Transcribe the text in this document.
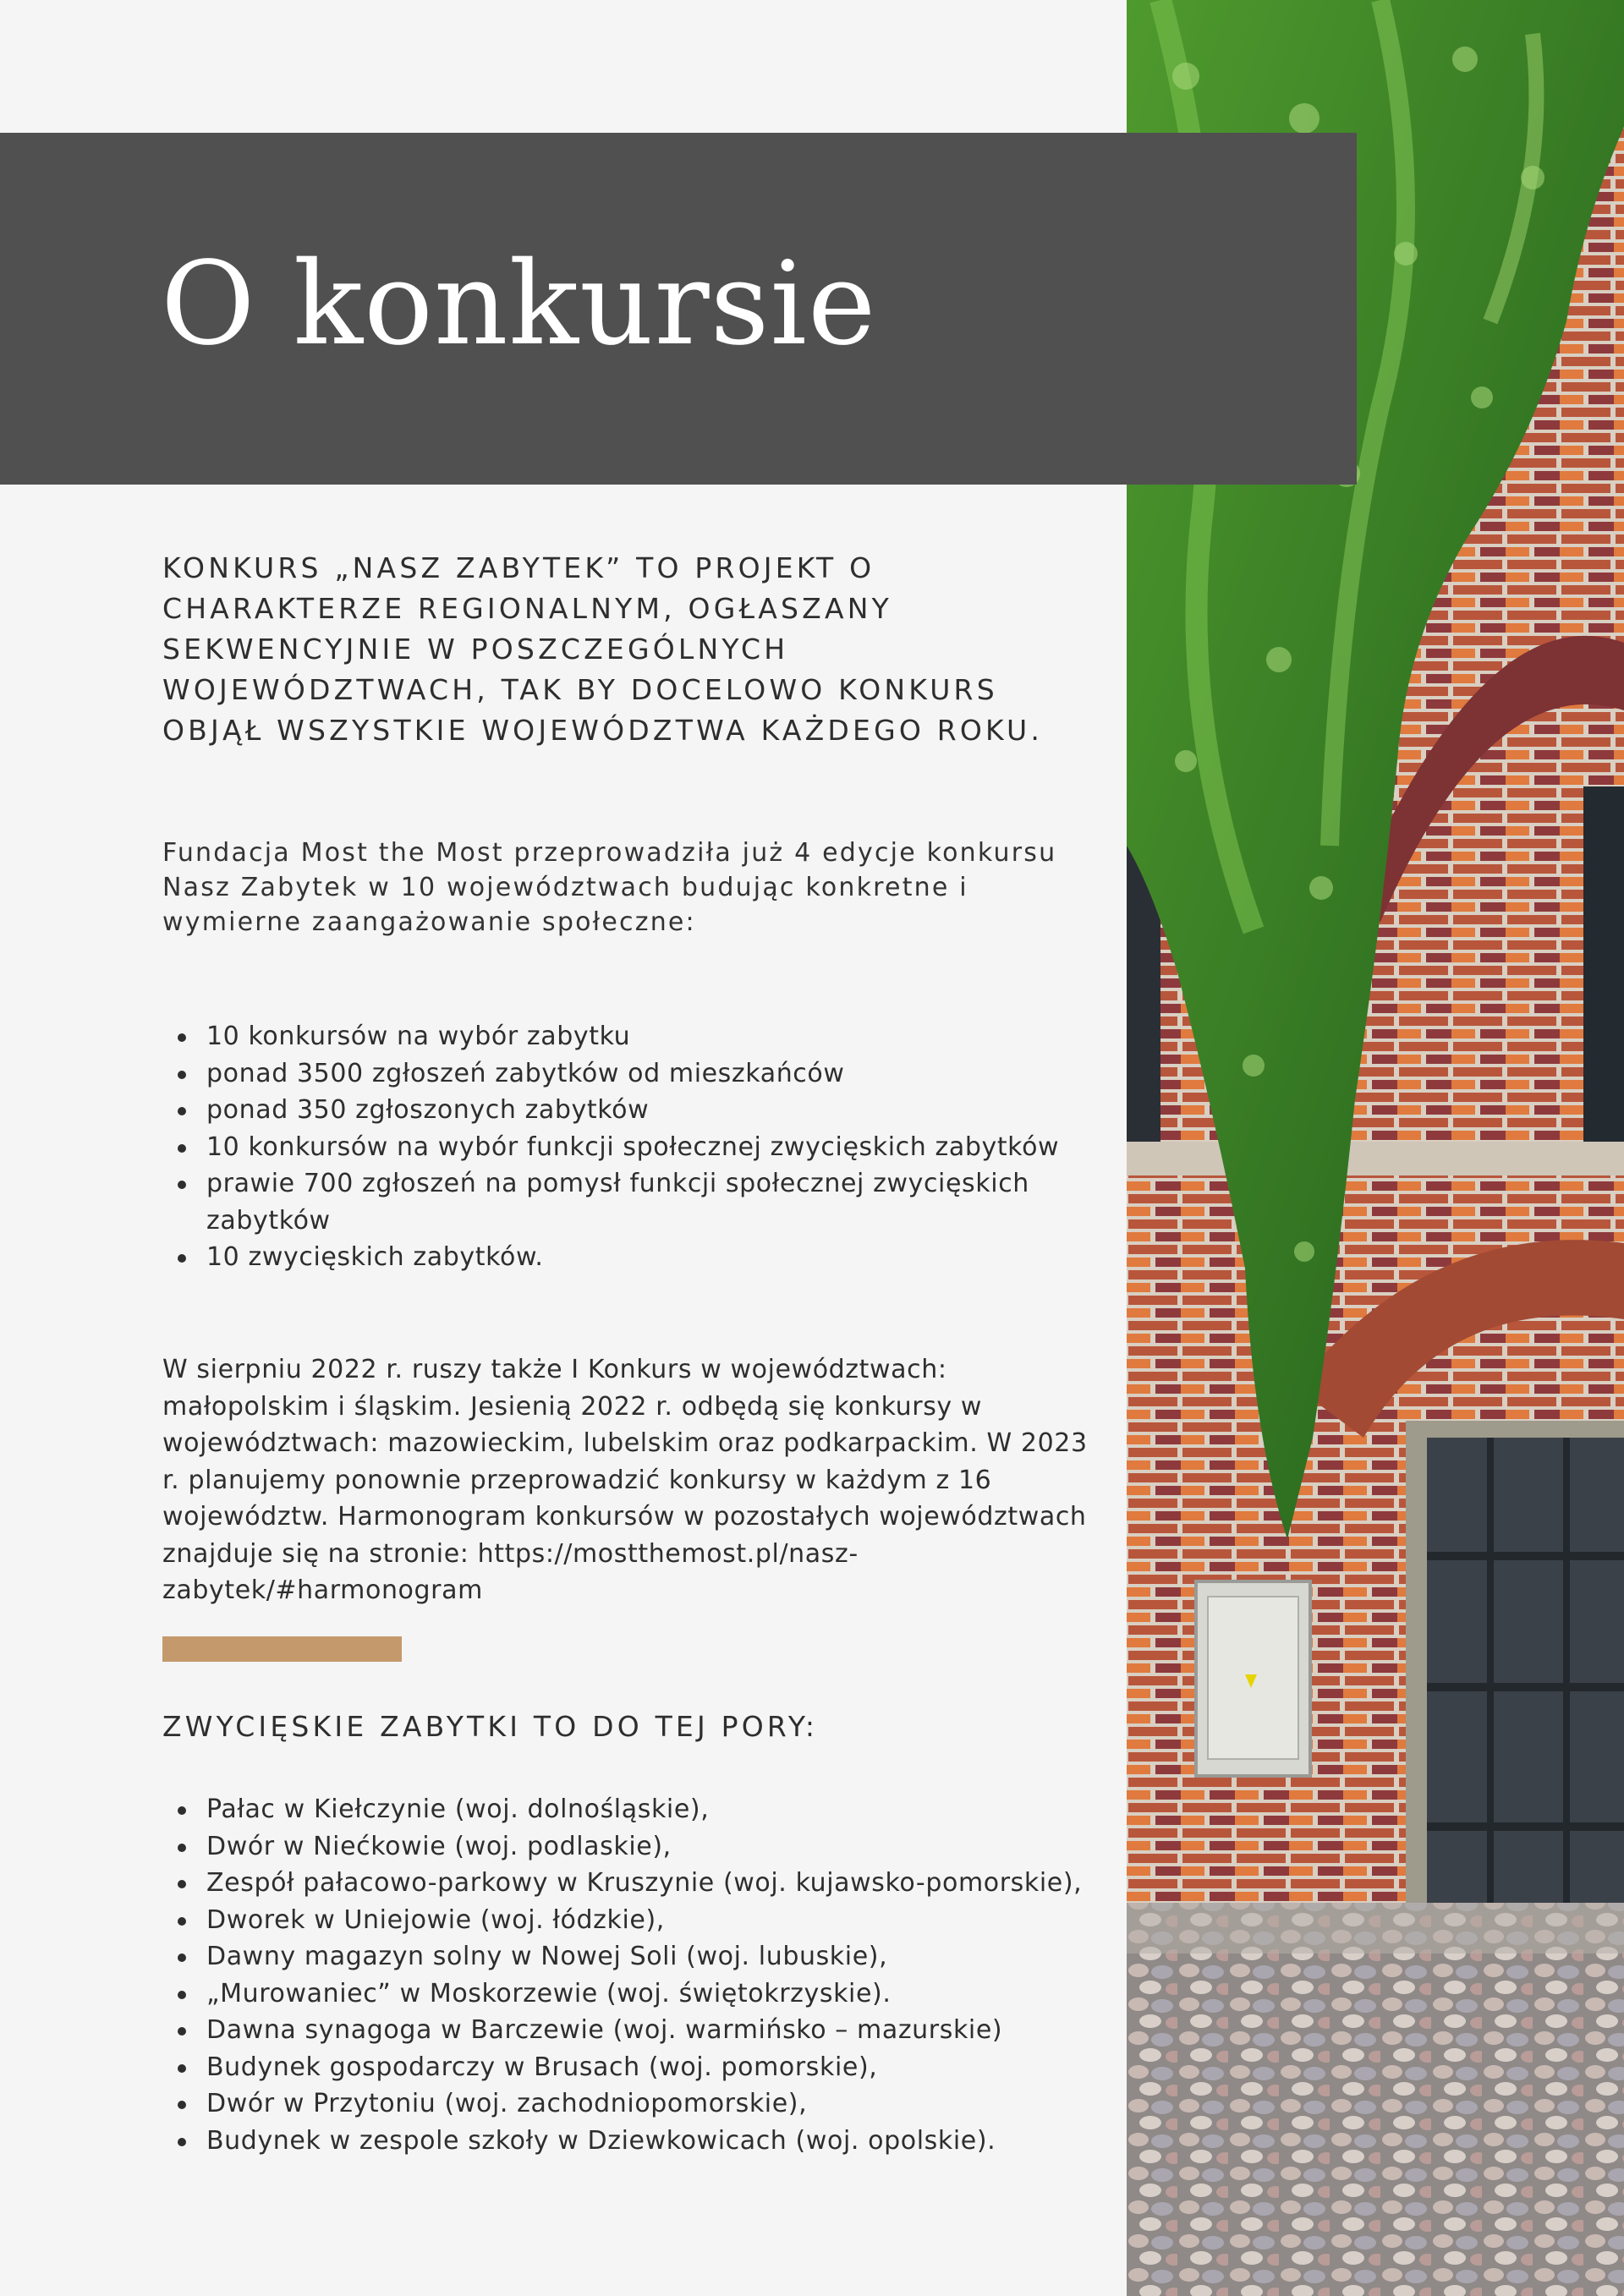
O konkursie

KONKURS „NASZ ZABYTEK” TO PROJEKT O CHARAKTERZE REGIONALNYM, OGŁASZANY SEKWENCYJNIE W POSZCZEGÓLNYCH WOJEWÓDZTWACH, TAK BY DOCELOWO KONKURS OBJĄŁ WSZYSTKIE WOJEWÓDZTWA KAŻDEGO ROKU.

Fundacja Most the Most przeprowadziła już 4 edycje konkursu Nasz Zabytek w 10 województwach budując konkretne i wymierne zaangażowanie społeczne:

10 konkursów na wybór zabytku
ponad 3500 zgłoszeń zabytków od mieszkańców
ponad 350 zgłoszonych zabytków
10 konkursów na wybór funkcji społecznej zwycięskich zabytków
prawie 700 zgłoszeń na pomysł funkcji społecznej zwycięskich zabytków
10 zwycięskich zabytków.

W sierpniu 2022 r. ruszy także I Konkurs w województwach: małopolskim i śląskim. Jesienią 2022 r. odbędą się konkursy w województwach: mazowieckim, lubelskim oraz podkarpackim. W 2023 r. planujemy ponownie przeprowadzić konkursy w każdym z 16 województw. Harmonogram konkursów w pozostałych województwach znajduje się na stronie: https://mostthemost.pl/nasz-zabytek/#harmonogram

ZWYCIĘSKIE ZABYTKI TO DO TEJ PORY:
Pałac w Kiełczynie (woj. dolnośląskie),
Dwór w Niećkowie (woj. podlaskie),
Zespół pałacowo-parkowy w Kruszynie (woj. kujawsko-pomorskie),
Dworek w Uniejowie (woj. łódzkie),
Dawny magazyn solny w Nowej Soli (woj. lubuskie),
„Murowaniec” w Moskorzewie (woj. świętokrzyskie).
Dawna synagoga w Barczewie (woj. warmińsko – mazurskie)
Budynek gospodarczy w Brusach (woj. pomorskie),
Dwór w Przytoniu (woj. zachodniopomorskie),
Budynek w zespole szkoły w Dziewkowicach (woj. opolskie).
